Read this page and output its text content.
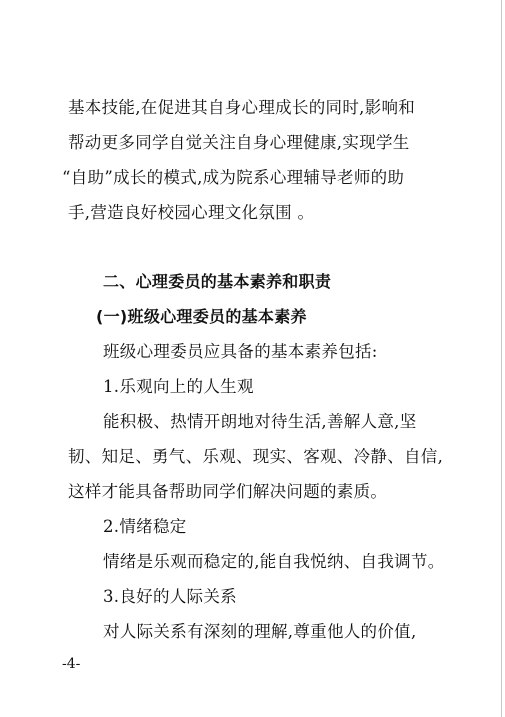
基本技能,在促进其自身心理成长的同时,影响和
帮动更多同学自觉关注自身心理健康,实现学生
“自助”成长的模式,成为院系心理辅导老师的助
手,营造良好校园心理文化氛围 。
二、心理委员的基本素养和职责
(一)班级心理委员的基本素养
班级心理委员应具备的基本素养包括:
1.乐观向上的人生观
能积极、热情开朗地对待生活,善解人意,坚
韧、知足、勇气、乐观、现实、客观、冷静、自信,
这样才能具备帮助同学们解决问题的素质。
2.情绪稳定
情绪是乐观而稳定的,能自我悦纳、自我调节。
3.良好的人际关系
对人际关系有深刻的理解,尊重他人的价值,
-4-
